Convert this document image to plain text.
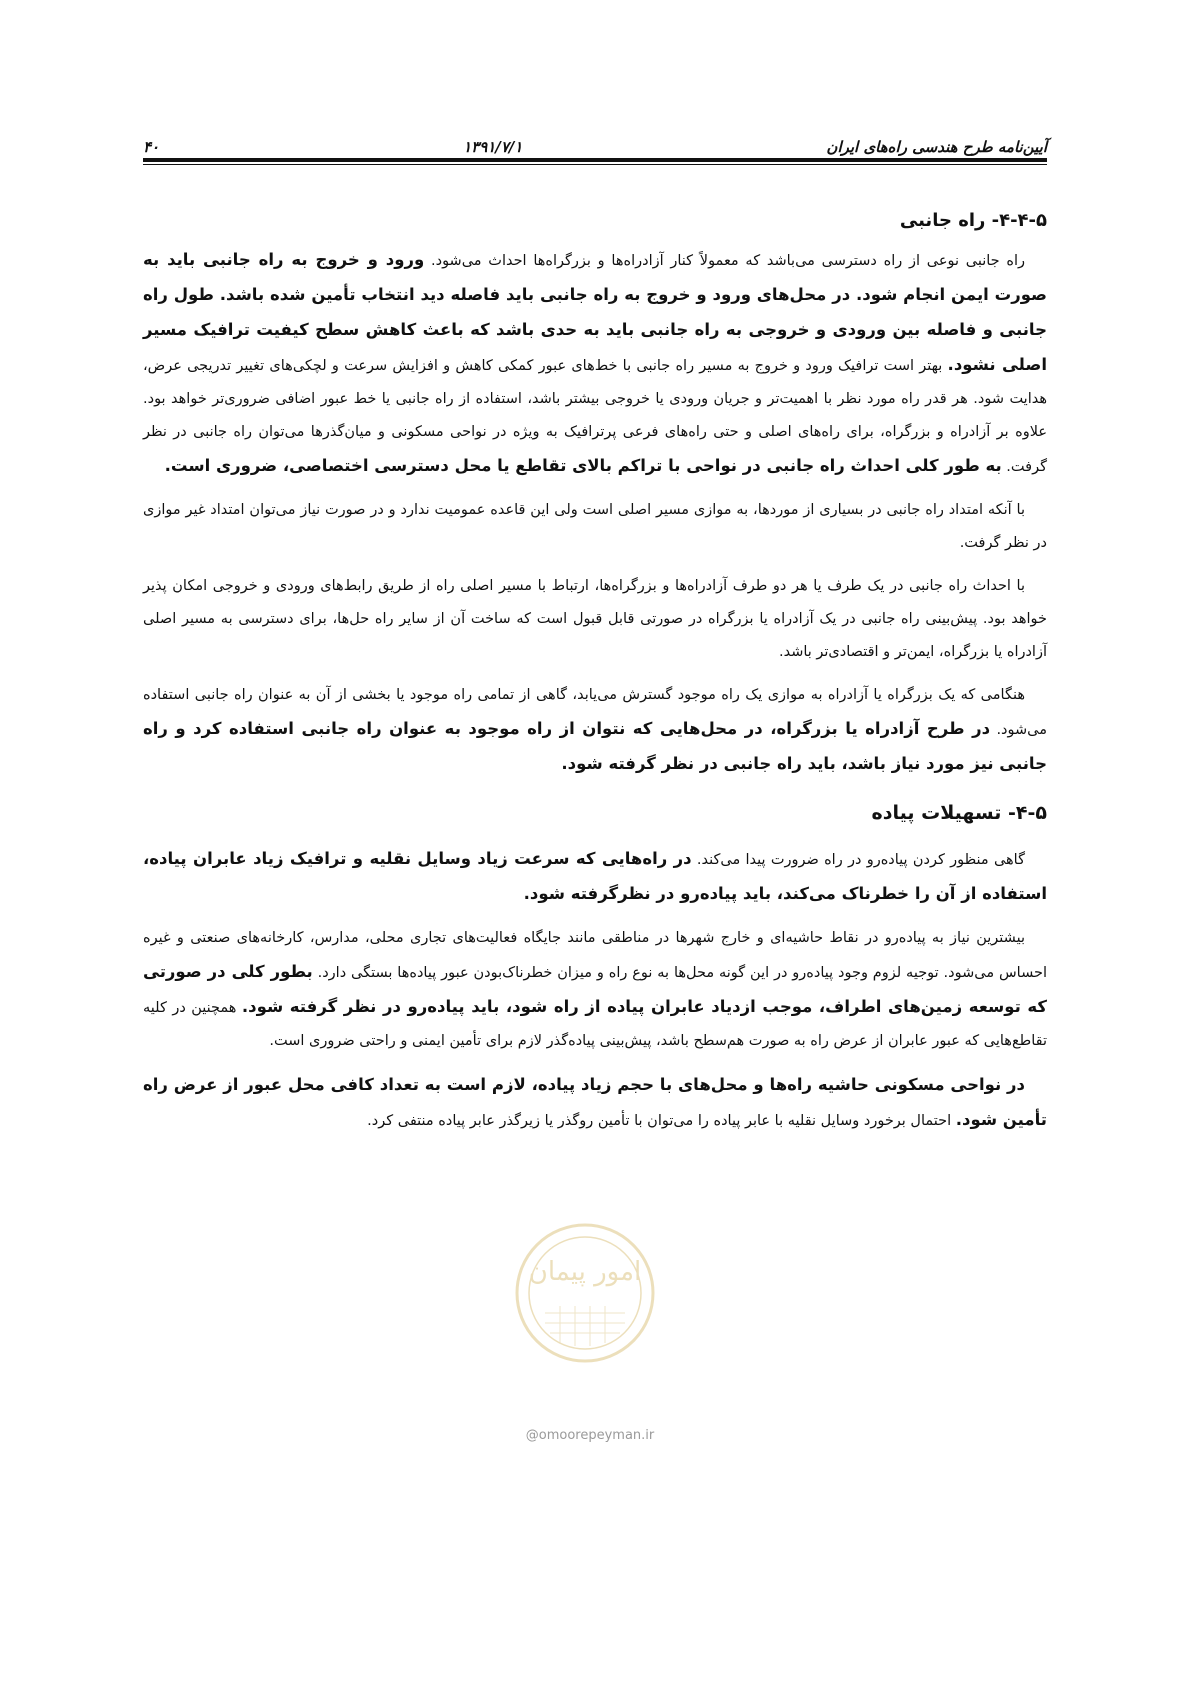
آیین‌نامه طرح هندسی راه‌های ایران
۱۳۹۱/۷/۱
۴۰
۴-۴-۵- راه جانبی

راه جانبی نوعی از راه دسترسی می‌باشد که معمولاً کنار آزادراه‌ها و بزرگراه‌ها احداث می‌شود. ورود و خروج به راه جانبی باید به صورت ایمن انجام شود. در محل‌های ورود و خروج به راه جانبی باید فاصله دید انتخاب تأمین شده باشد. طول راه جانبی و فاصله بین ورودی و خروجی به راه جانبی باید به حدی باشد که باعث کاهش سطح کیفیت ترافیک مسیر اصلی نشود. بهتر است ترافیک ورود و خروج به مسیر راه جانبی با خط‌های عبور کمکی کاهش و افزایش سرعت و لچکی‌های تغییر تدریجی عرض، هدایت شود. هر قدر راه مورد نظر با اهمیت‌تر و جریان ورودی یا خروجی بیشتر باشد، استفاده از راه جانبی یا خط عبور اضافی ضروری‌تر خواهد بود. علاوه بر آزادراه و بزرگراه، برای راه‌های اصلی و حتی راه‌های فرعی پرترافیک به ویژه در نواحی مسکونی و میان‌گذرها می‌توان راه جانبی در نظر گرفت. به طور کلی احداث راه جانبی در نواحی با تراکم بالای تقاطع یا محل دسترسی اختصاصی، ضروری است.

با آنکه امتداد راه جانبی در بسیاری از موردها، به موازی مسیر اصلی است ولی این قاعده عمومیت ندارد و در صورت نیاز می‌توان امتداد غیر موازی در نظر گرفت.

با احداث راه جانبی در یک طرف یا هر دو طرف آزادراه‌ها و بزرگراه‌ها، ارتباط با مسیر اصلی راه از طریق رابط‌های ورودی و خروجی امکان پذیر خواهد بود. پیش‌بینی راه جانبی در یک آزادراه یا بزرگراه در صورتی قابل قبول است که ساخت آن از سایر راه حل‌ها، برای دسترسی به مسیر اصلی آزادراه یا بزرگراه، ایمن‌تر و اقتصادی‌تر باشد.

هنگامی که یک بزرگراه یا آزادراه به موازی یک راه موجود گسترش می‌یابد، گاهی از تمامی راه موجود یا بخشی از آن به عنوان راه جانبی استفاده می‌شود. در طرح آزادراه یا بزرگراه، در محل‌هایی که نتوان از راه موجود به عنوان راه جانبی استفاده کرد و راه جانبی نیز مورد نیاز باشد، باید راه جانبی در نظر گرفته شود.

۴-۵- تسهیلات پیاده

گاهی منظور کردن پیاده‌رو در راه ضرورت پیدا می‌کند. در راه‌هایی که سرعت زیاد وسایل نقلیه و ترافیک زیاد عابران پیاده، استفاده از آن را خطرناک می‌کند، باید پیاده‌رو در نظرگرفته شود.

بیشترین نیاز به پیاده‌رو در نقاط حاشیه‌ای و خارج شهرها در مناطقی مانند جایگاه فعالیت‌های تجاری محلی، مدارس، کارخانه‌های صنعتی و غیره احساس می‌شود. توجیه لزوم وجود پیاده‌رو در این گونه محل‌ها به نوع راه و میزان خطرناک‌بودن عبور پیاده‌ها بستگی دارد. بطور کلی در صورتی که توسعه زمین‌های اطراف، موجب ازدیاد عابران پیاده از راه شود، باید پیاده‌رو در نظر گرفته شود. همچنین در کلیه تقاطع‌هایی که عبور عابران از عرض راه به صورت هم‌سطح باشد، پیش‌بینی پیاده‌گذر لازم برای تأمین ایمنی و راحتی ضروری است.

در نواحی مسکونی حاشیه راه‌ها و محل‌های با حجم زیاد پیاده، لازم است به تعداد کافی محل عبور از عرض راه تأمین شود. احتمال برخورد وسایل نقلیه با عابر پیاده را می‌توان با تأمین روگذر یا زیرگذر عابر پیاده منتفی کرد.

امور پیمان
@omoorepeyman.ir
